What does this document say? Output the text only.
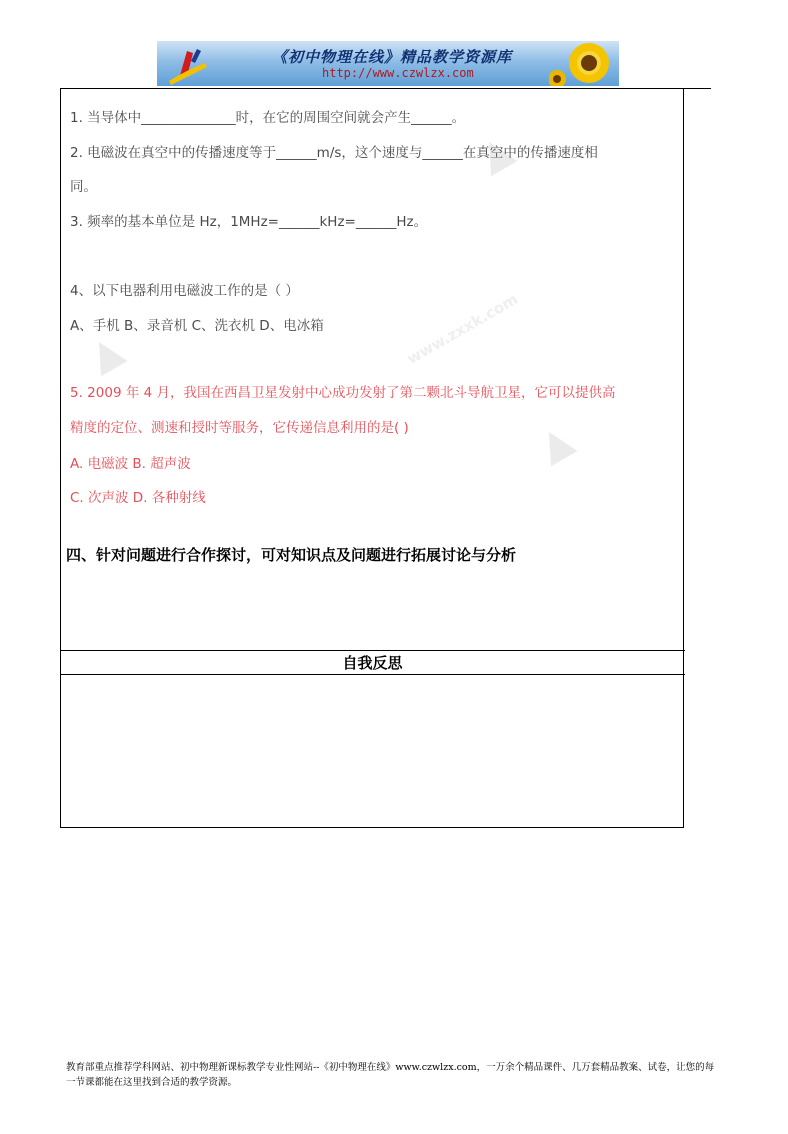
《初中物理在线》精品教学资源库
http://www.czwlzx.com
▲
▲
▲
www.zxxk.com
1. 当导体中______________时，在它的周围空间就会产生______。
2. 电磁波在真空中的传播速度等于______m/s，这个速度与______在真空中的传播速度相
同。
3. 频率的基本单位是 Hz，1MHz=______kHz=______Hz。
4、以下电器利用电磁波工作的是（ ）
A、手机 B、录音机 C、洗衣机 D、电冰箱
5. 2009 年 4 月，我国在西昌卫星发射中心成功发射了第二颗北斗导航卫星，它可以提供高
精度的定位、测速和授时等服务，它传递信息利用的是( )
A. 电磁波 B. 超声波
C. 次声波 D. 各种射线
四、针对问题进行合作探讨，可对知识点及问题进行拓展讨论与分析
自我反思
教育部重点推荐学科网站、初中物理新课标教学专业性网站--《初中物理在线》www.czwlzx.com，一万余个精品课件、几万套精品教案、试卷，让您的每一节课都能在这里找到合适的教学资源。
